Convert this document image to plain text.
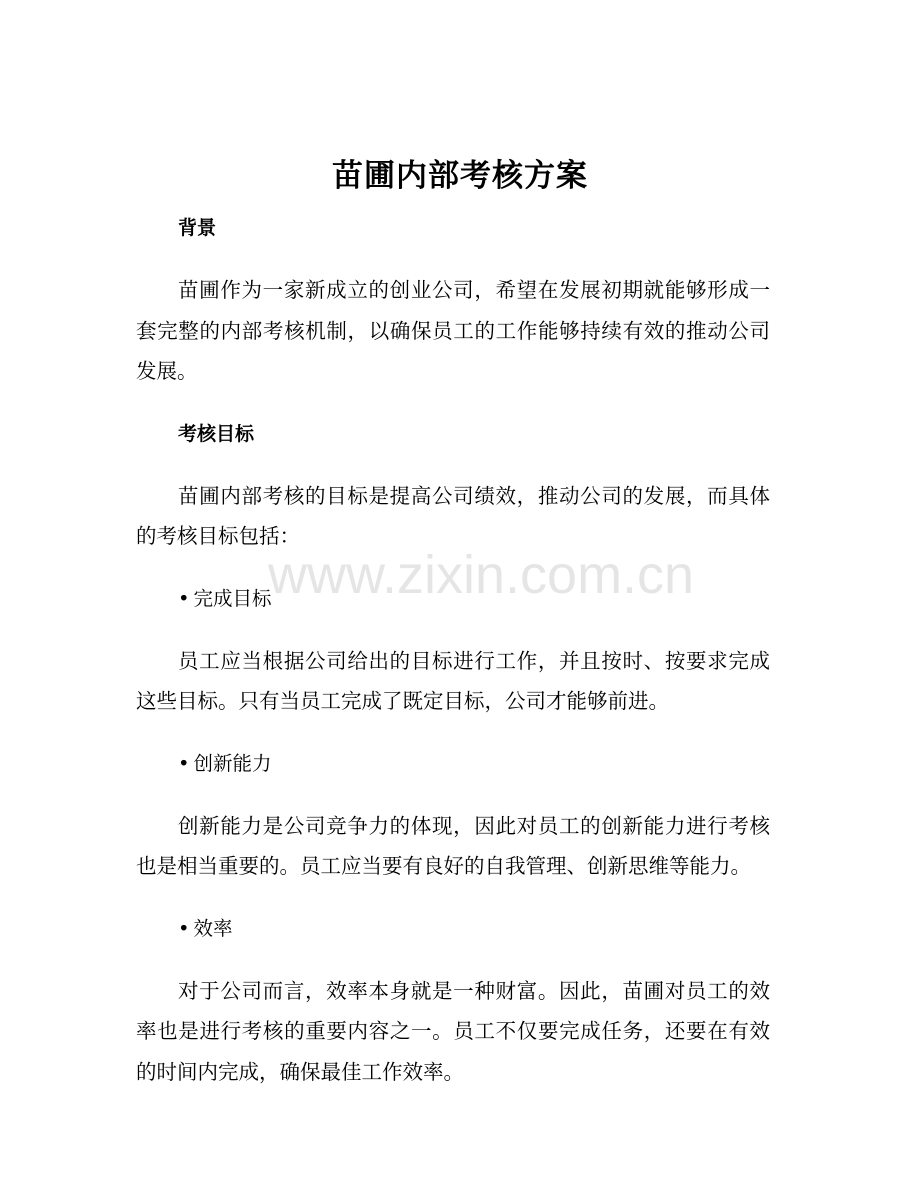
苗圃内部考核方案
背景
苗圃作为一家新成立的创业公司，希望在发展初期就能够形成一套完整的内部考核机制，以确保员工的工作能够持续有效的推动公司发展。
考核目标
苗圃内部考核的目标是提高公司绩效，推动公司的发展，而具体的考核目标包括：
• 完成目标
员工应当根据公司给出的目标进行工作，并且按时、按要求完成这些目标。只有当员工完成了既定目标，公司才能够前进。
• 创新能力
创新能力是公司竞争力的体现，因此对员工的创新能力进行考核也是相当重要的。员工应当要有良好的自我管理、创新思维等能力。
• 效率
对于公司而言，效率本身就是一种财富。因此，苗圃对员工的效率也是进行考核的重要内容之一。员工不仅要完成任务，还要在有效的时间内完成，确保最佳工作效率。
www.zixin.com.cn
